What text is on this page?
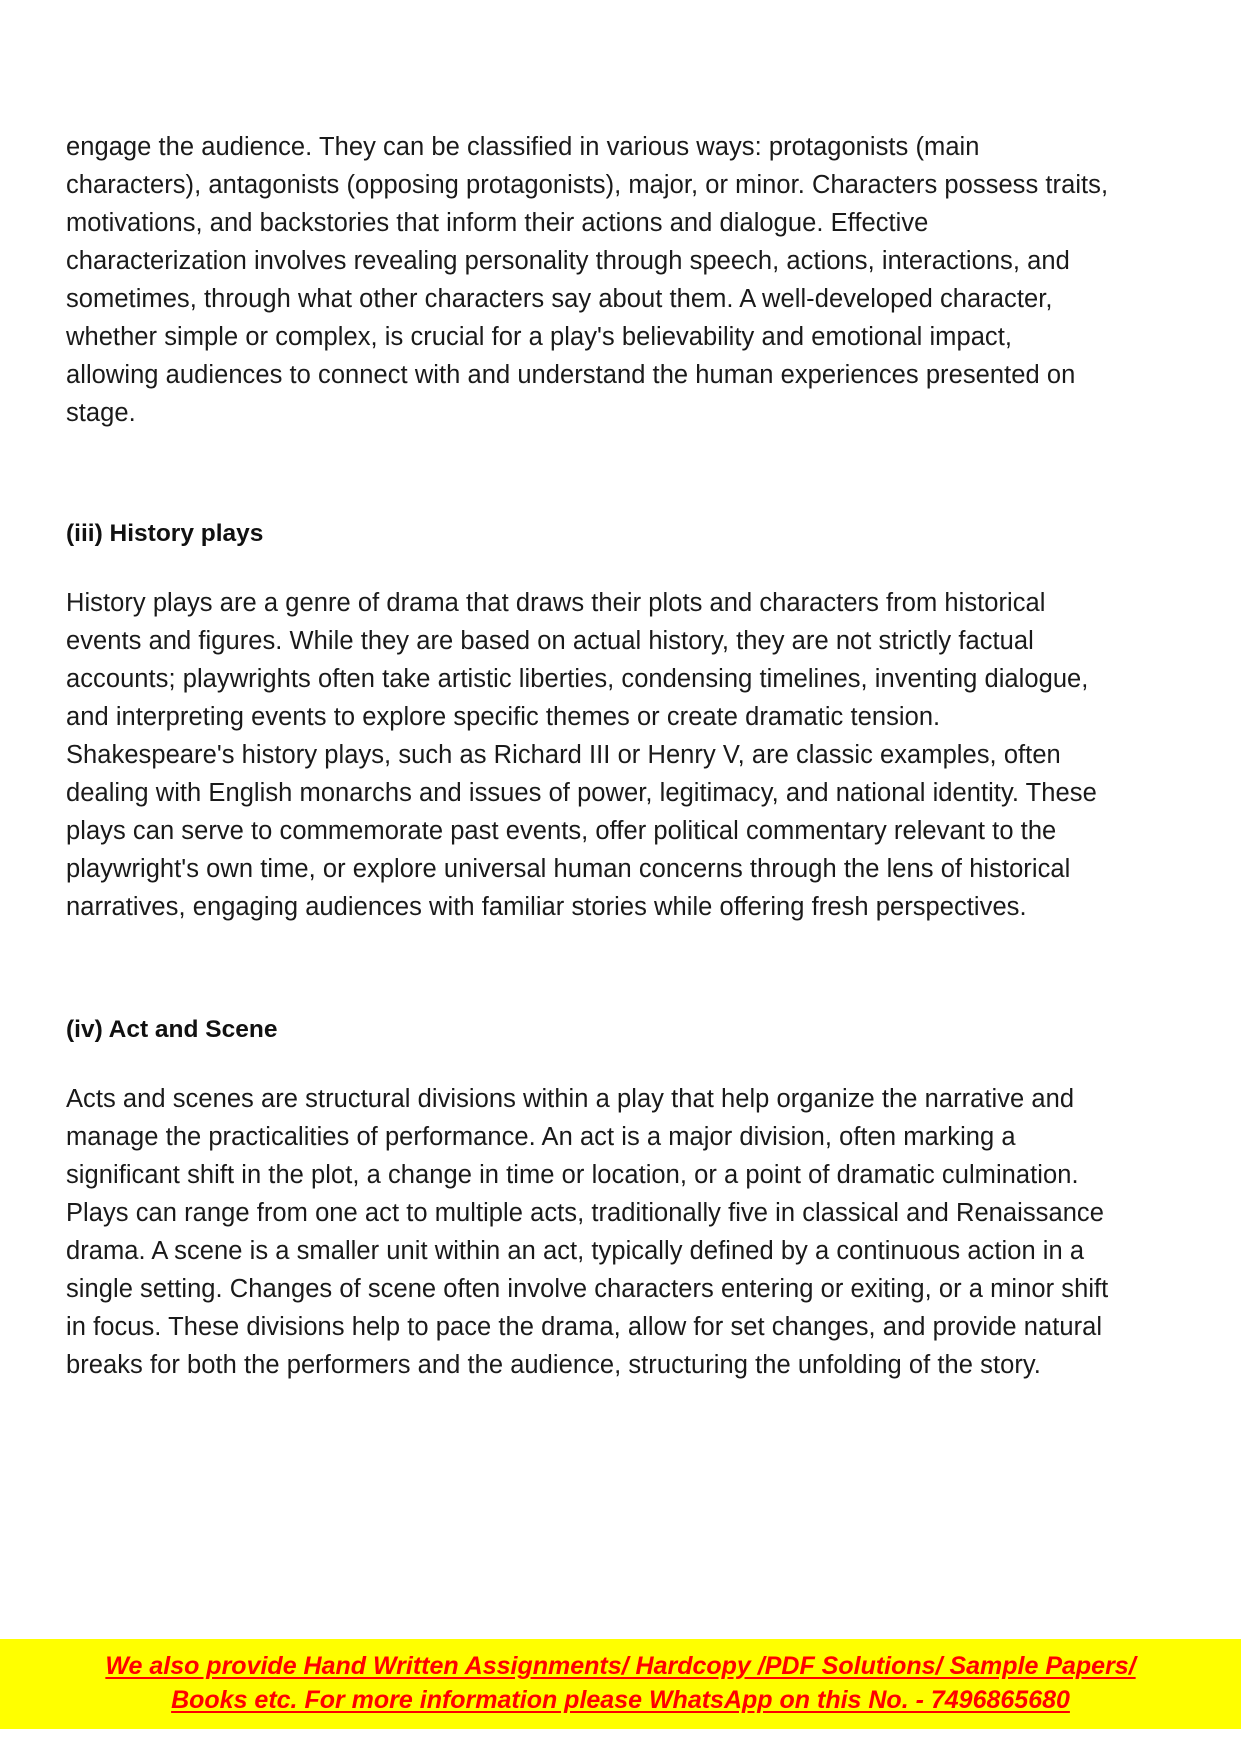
engage the audience. They can be classified in various ways: protagonists (main characters), antagonists (opposing protagonists), major, or minor. Characters possess traits, motivations, and backstories that inform their actions and dialogue. Effective characterization involves revealing personality through speech, actions, interactions, and sometimes, through what other characters say about them. A well-developed character, whether simple or complex, is crucial for a play's believability and emotional impact, allowing audiences to connect with and understand the human experiences presented on stage.

(iii) History plays

History plays are a genre of drama that draws their plots and characters from historical events and figures. While they are based on actual history, they are not strictly factual accounts; playwrights often take artistic liberties, condensing timelines, inventing dialogue, and interpreting events to explore specific themes or create dramatic tension. Shakespeare's history plays, such as Richard III or Henry V, are classic examples, often dealing with English monarchs and issues of power, legitimacy, and national identity. These plays can serve to commemorate past events, offer political commentary relevant to the playwright's own time, or explore universal human concerns through the lens of historical narratives, engaging audiences with familiar stories while offering fresh perspectives.

(iv) Act and Scene

Acts and scenes are structural divisions within a play that help organize the narrative and manage the practicalities of performance. An act is a major division, often marking a significant shift in the plot, a change in time or location, or a point of dramatic culmination. Plays can range from one act to multiple acts, traditionally five in classical and Renaissance drama. A scene is a smaller unit within an act, typically defined by a continuous action in a single setting. Changes of scene often involve characters entering or exiting, or a minor shift in focus. These divisions help to pace the drama, allow for set changes, and provide natural breaks for both the performers and the audience, structuring the unfolding of the story.

We also provide Hand Written Assignments/ Hardcopy /PDF Solutions/ Sample Papers/
Books etc. For more information please WhatsApp on this No. - 7496865680
